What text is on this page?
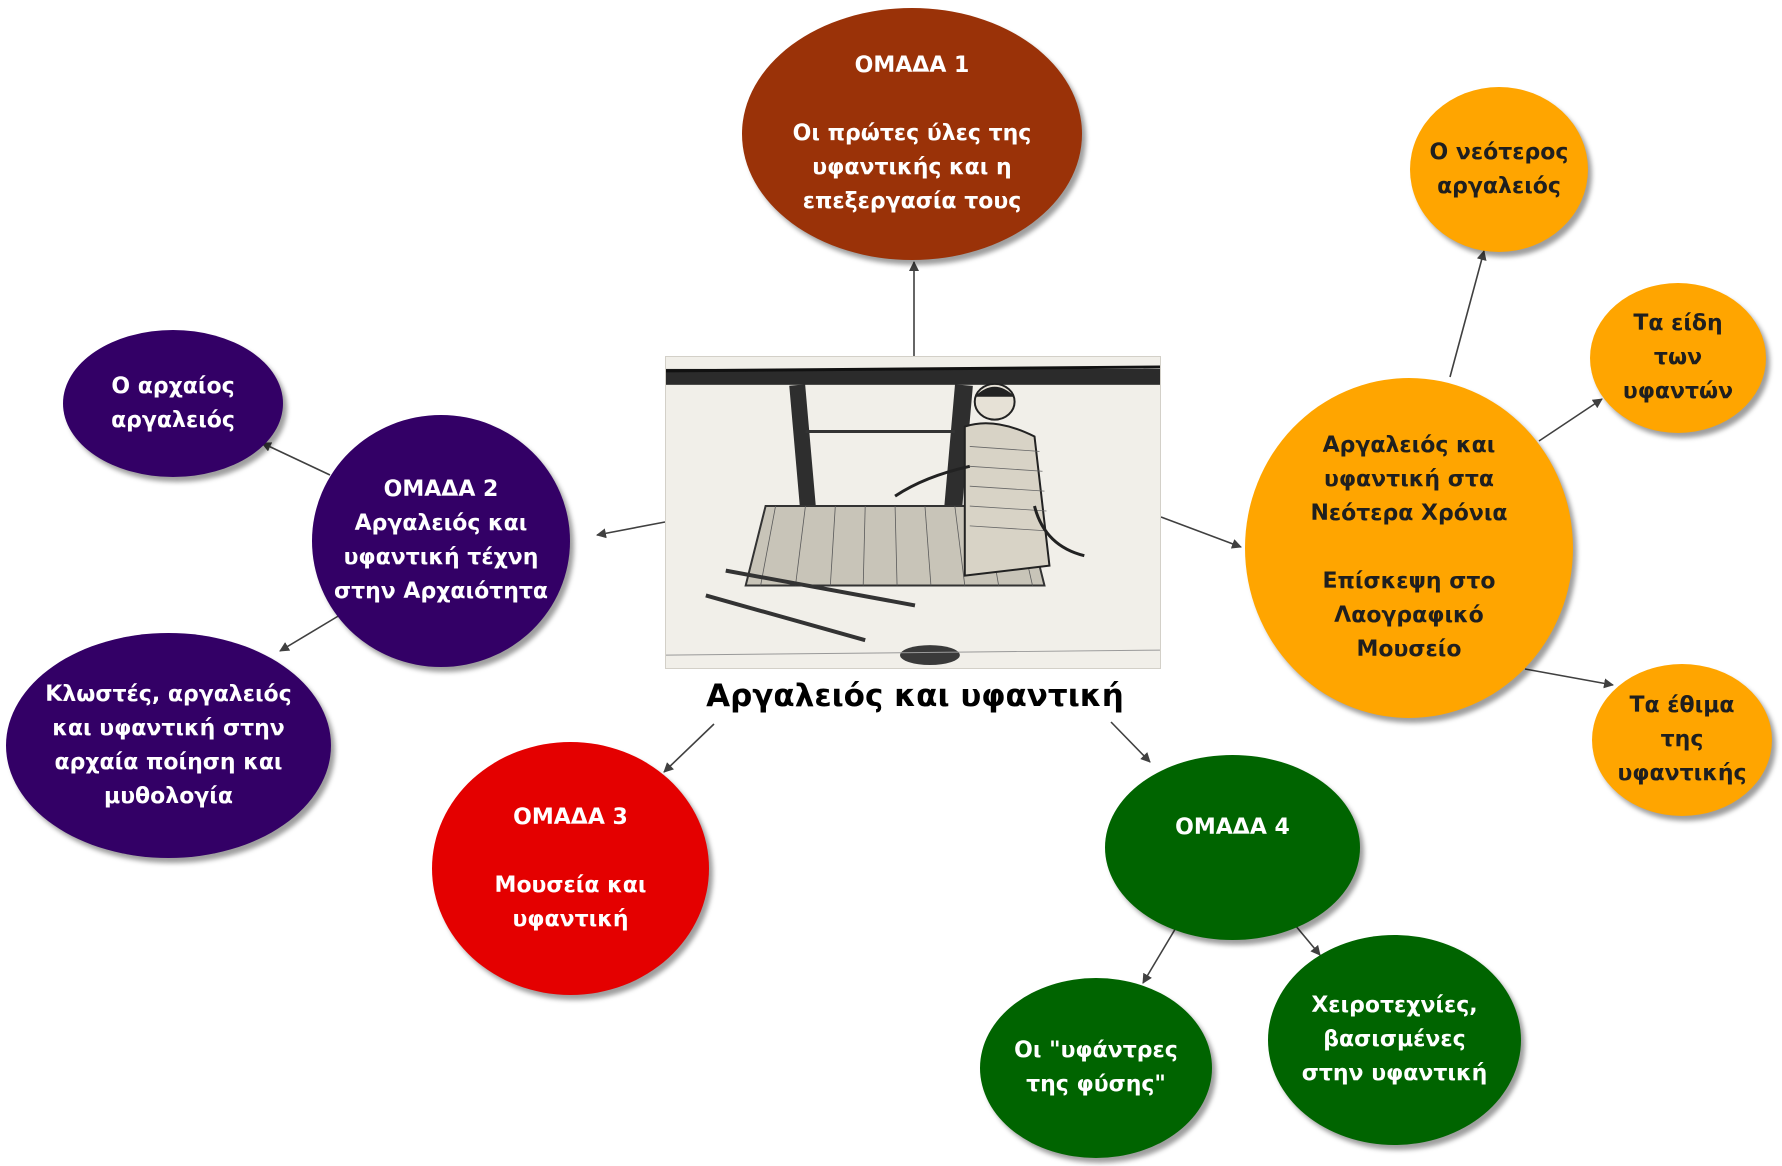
Αργαλειός και υφαντική
ΟΜΑΔΑ 1
Οι πρώτες ύλες της
υφαντικής και η
επεξεργασία τους
ΟΜΑΔΑ 2
Αργαλειός και
υφαντική τέχνη
στην Αρχαιότητα
Ο αρχαίος
αργαλειός
Κλωστές, αργαλειός
και υφαντική στην
αρχαία ποίηση και
μυθολογία
ΟΜΑΔΑ 3
Μουσεία και
υφαντική
ΟΜΑΔΑ 4
Οι "υφάντρες
της φύσης"
Χειροτεχνίες,
βασισμένες
στην υφαντική
Αργαλειός και
υφαντική στα
Νεότερα Χρόνια
Επίσκεψη στο
Λαογραφικό
Μουσείο
Ο νεότερος
αργαλειός
Τα είδη
των
υφαντών
Τα έθιμα
της
υφαντικής
